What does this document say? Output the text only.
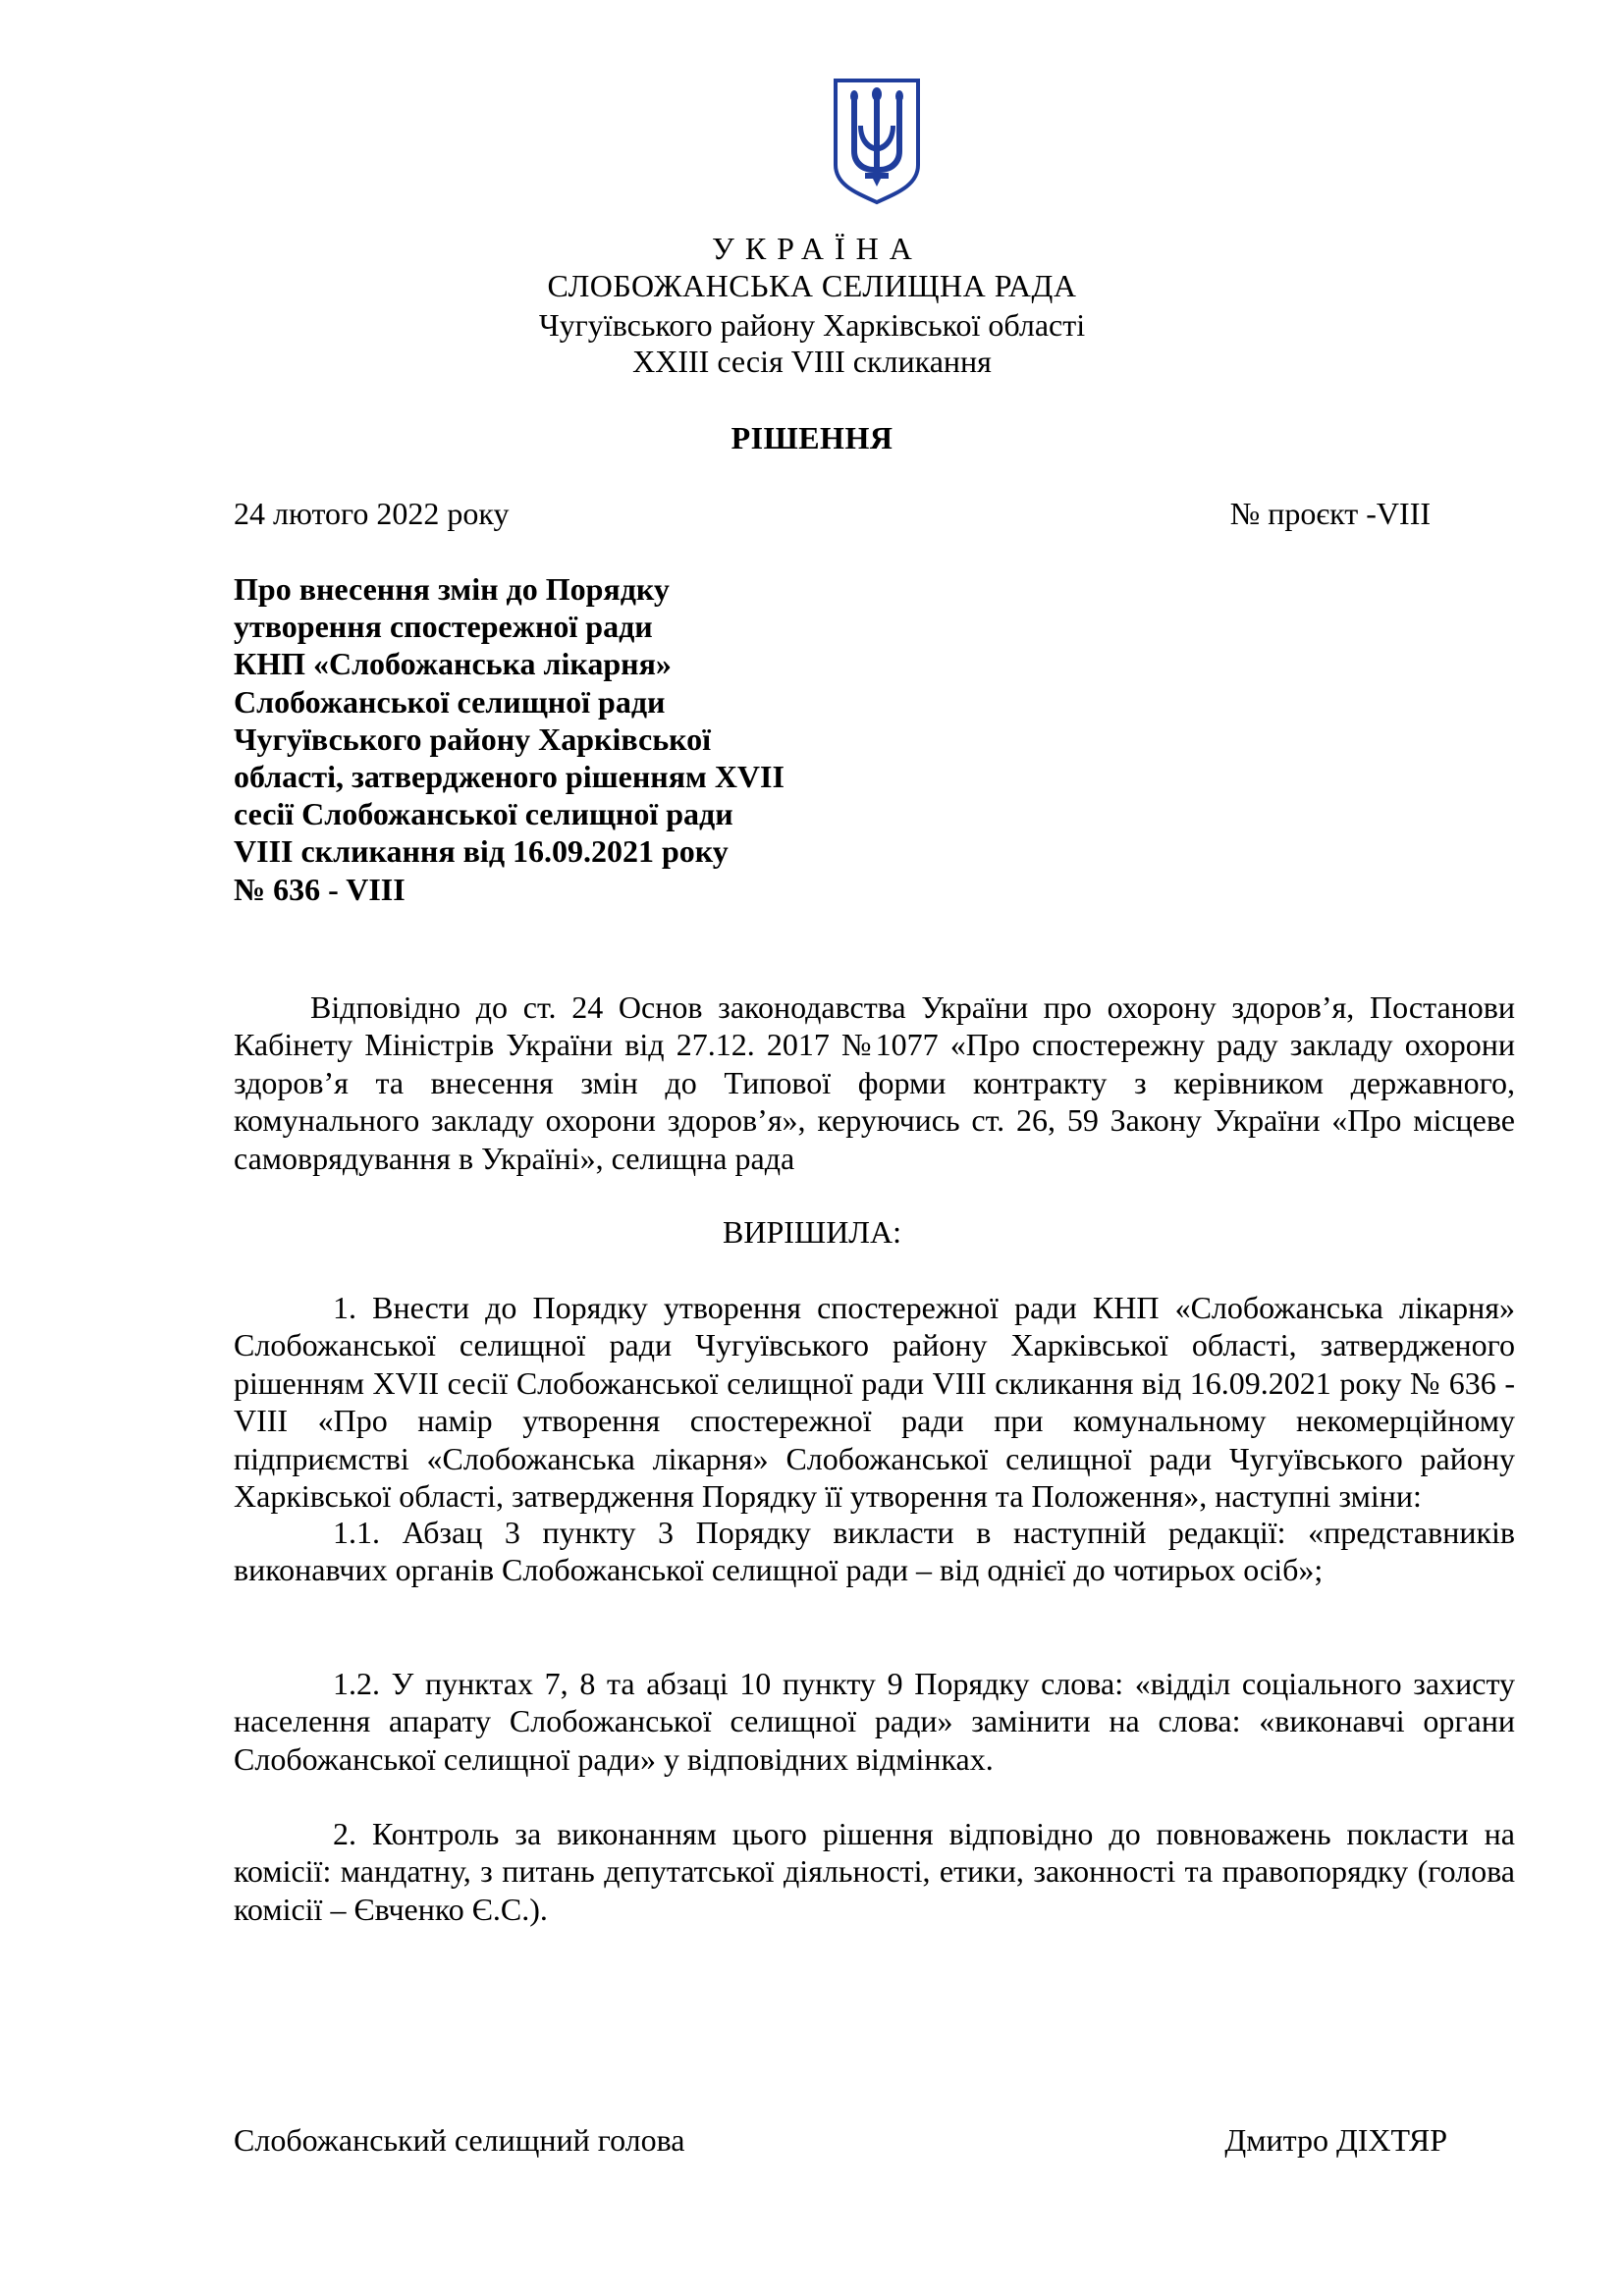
УКРАЇНА
СЛОБОЖАНСЬКА СЕЛИЩНА РАДА
Чугуївського району Харківської області
XXIII сесія VIII скликання
РІШЕННЯ
24 лютого 2022 року	№ проєкт -VIII
Про внесення змін до Порядку
утворення спостережної ради
КНП «Слобожанська лікарня»
Слобожанської селищної ради
Чугуївського району Харківської
області, затвердженого рішенням XVII
сесії Слобожанської селищної ради
VIII скликання від 16.09.2021 року
№ 636 - VIII
Відповідно до ст. 24 Основ законодавства України про охорону здоров’я, Постанови Кабінету Міністрів України від 27.12. 2017 №1077 «Про спостережну раду закладу охорони здоров’я та внесення змін до Типової форми контракту з керівником державного, комунального закладу охорони здоров’я», керуючись ст. 26, 59 Закону України «Про місцеве самоврядування в Україні», селищна рада
ВИРІШИЛА:
1. Внести до Порядку утворення спостережної ради КНП «Слобожанська лікарня» Слобожанської селищної ради Чугуївського району Харківської області, затвердженого рішенням XVII сесії Слобожанської селищної ради VIII скликання від 16.09.2021 року № 636 - VIII «Про намір утворення спостережної ради при комунальному некомерційному підприємстві «Слобожанська лікарня» Слобожанської селищної ради Чугуївського району Харківської області, затвердження Порядку її утворення та Положення», наступні зміни:
1.1. Абзац 3 пункту 3 Порядку викласти в наступній редакції: «представників виконавчих органів Слобожанської селищної ради – від однієї до чотирьох осіб»;
1.2. У пунктах 7, 8 та абзаці 10 пункту 9 Порядку слова: «відділ соціального захисту населення апарату Слобожанської селищної ради» замінити на слова: «виконавчі органи Слобожанської селищної ради» у відповідних відмінках.
2. Контроль за виконанням цього рішення відповідно до повноважень покласти на комісії: мандатну, з питань депутатської діяльності, етики, законності та правопорядку (голова комісії – Євченко Є.С.).
Слобожанський селищний голова	Дмитро ДІХТЯР
